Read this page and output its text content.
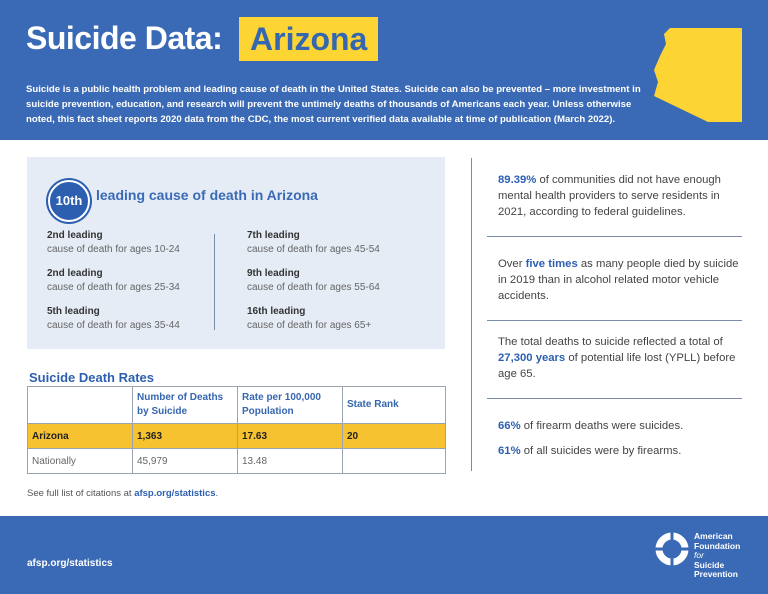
Suicide Data: Arizona
Suicide is a public health problem and leading cause of death in the United States. Suicide can also be prevented – more investment in suicide prevention, education, and research will prevent the untimely deaths of thousands of Americans each year. Unless otherwise noted, this fact sheet reports 2020 data from the CDC, the most current verified data available at time of publication (March 2022).
10th leading cause of death in Arizona
2nd leading
cause of death for ages 10-24
2nd leading
cause of death for ages 25-34
5th leading
cause of death for ages 35-44
7th leading
cause of death for ages 45-54
9th leading
cause of death for ages 55-64
16th leading
cause of death for ages 65+
Suicide Death Rates
	Number of Deaths by Suicide	Rate per 100,000 Population	State Rank
Arizona	1,363	17.63	20
Nationally	45,979	13.48	
See full list of citations at afsp.org/statistics.
89.39% of communities did not have enough mental health providers to serve residents in 2021, according to federal guidelines.
Over five times as many people died by suicide in 2019 than in alcohol related motor vehicle accidents.
The total deaths to suicide reflected a total of 27,300 years of potential life lost (YPLL) before age 65.
66% of firearm deaths were suicides.
61% of all suicides were by firearms.
afsp.org/statistics
American
Foundation
for
Suicide
Prevention
